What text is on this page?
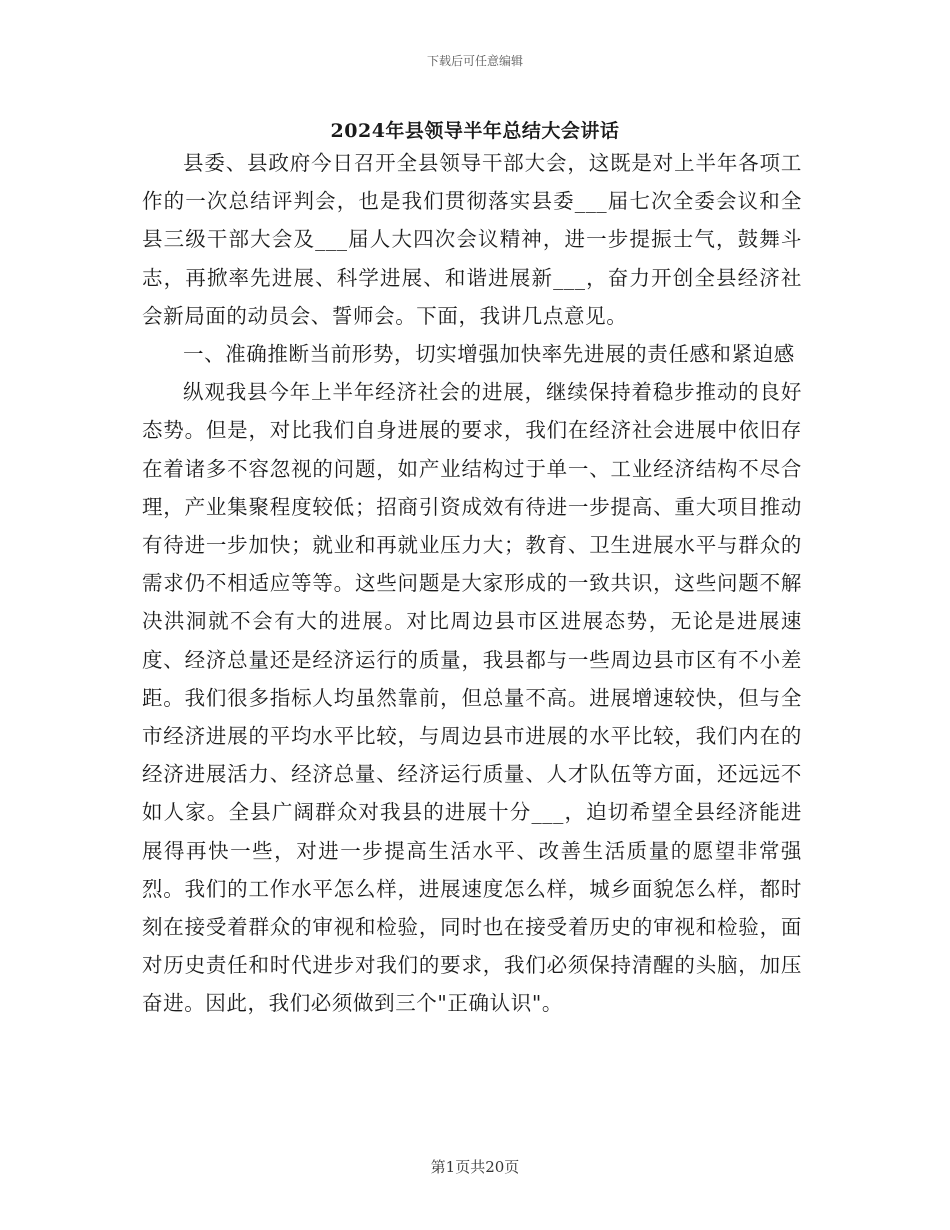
下载后可任意编辑
2024年县领导半年总结大会讲话

县委、县政府今日召开全县领导干部大会，这既是对上半年各项工作的一次总结评判会，也是我们贯彻落实县委___届七次全委会议和全县三级干部大会及___届人大四次会议精神，进一步提振士气，鼓舞斗志，再掀率先进展、科学进展、和谐进展新___，奋力开创全县经济社会新局面的动员会、誓师会。下面，我讲几点意见。

一、准确推断当前形势，切实增强加快率先进展的责任感和紧迫感

纵观我县今年上半年经济社会的进展，继续保持着稳步推动的良好态势。但是，对比我们自身进展的要求，我们在经济社会进展中依旧存在着诸多不容忽视的问题，如产业结构过于单一、工业经济结构不尽合理，产业集聚程度较低；招商引资成效有待进一步提高、重大项目推动有待进一步加快；就业和再就业压力大；教育、卫生进展水平与群众的需求仍不相适应等等。这些问题是大家形成的一致共识，这些问题不解决洪洞就不会有大的进展。对比周边县市区进展态势，无论是进展速度、经济总量还是经济运行的质量，我县都与一些周边县市区有不小差距。我们很多指标人均虽然靠前，但总量不高。进展增速较快，但与全市经济进展的平均水平比较，与周边县市进展的水平比较，我们内在的经济进展活力、经济总量、经济运行质量、人才队伍等方面，还远远不如人家。全县广阔群众对我县的进展十分___，迫切希望全县经济能进展得再快一些，对进一步提高生活水平、改善生活质量的愿望非常强烈。我们的工作水平怎么样，进展速度怎么样，城乡面貌怎么样，都时刻在接受着群众的审视和检验，同时也在接受着历史的审视和检验，面对历史责任和时代进步对我们的要求，我们必须保持清醒的头脑，加压奋进。因此，我们必须做到三个"正确认识"。

第1页共20页
